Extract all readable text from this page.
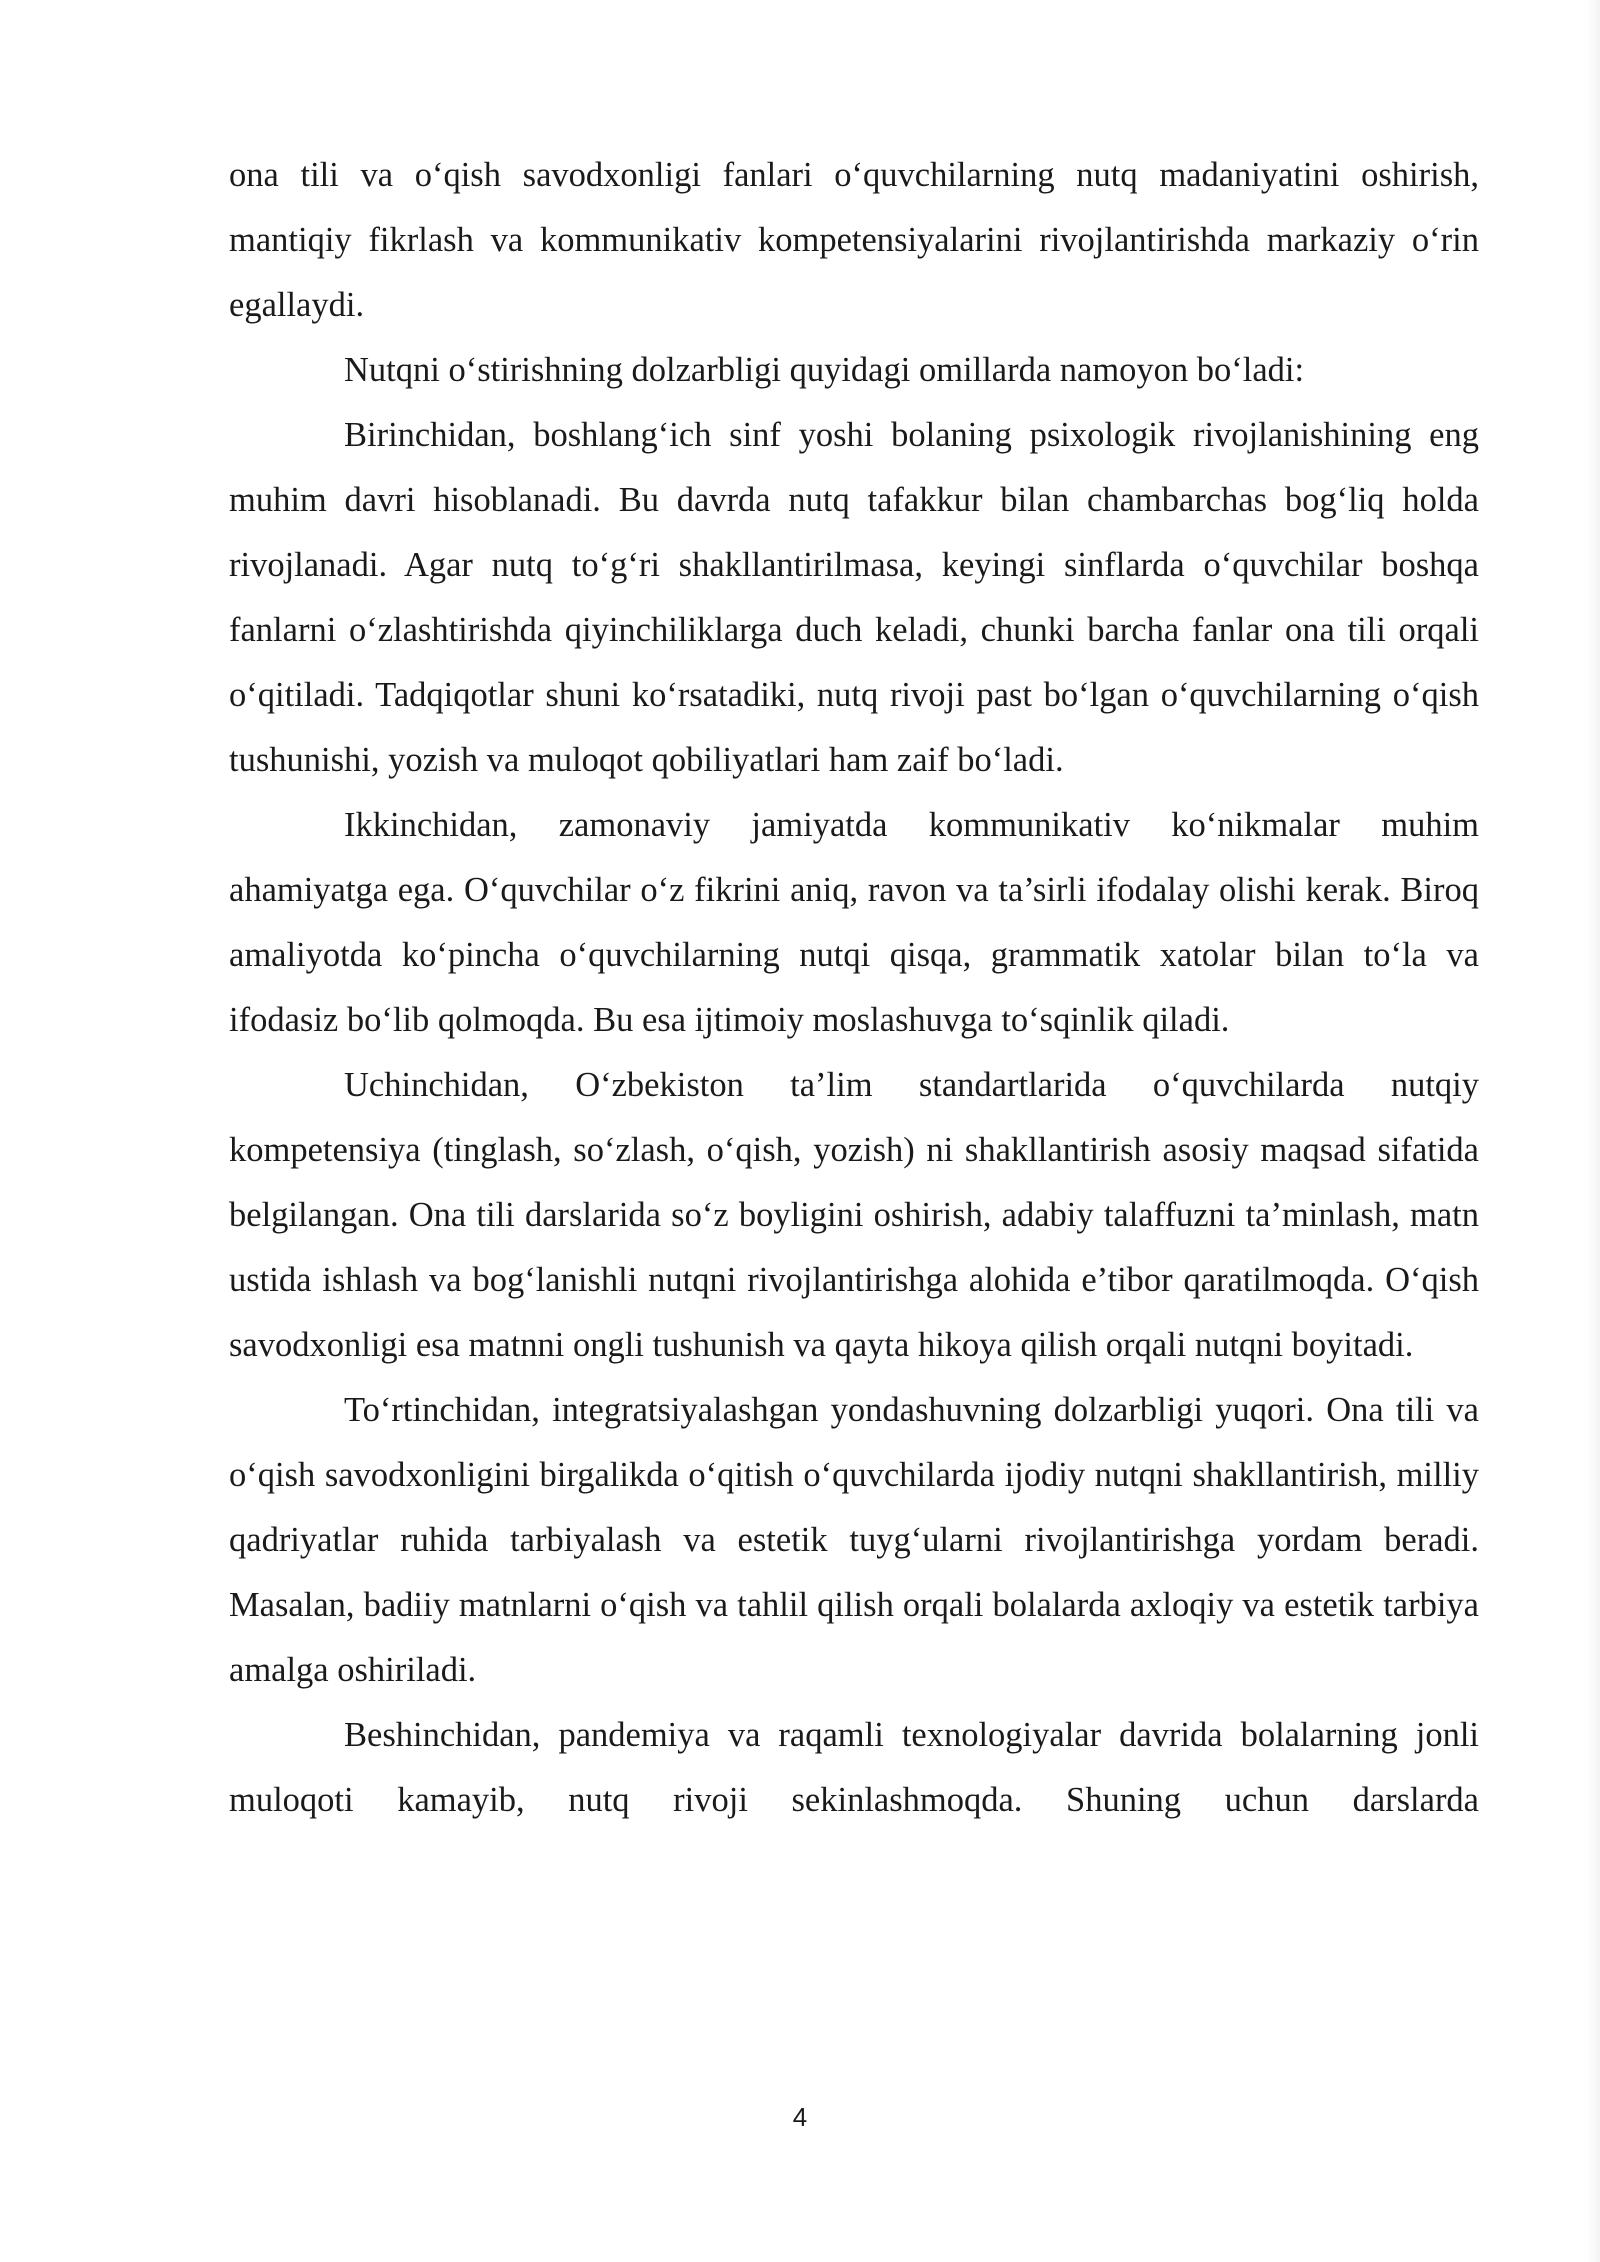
ona tili va o‘qish savodxonligi fanlari o‘quvchilarning nutq madaniyatini oshirish, mantiqiy fikrlash va kommunikativ kompetensiyalarini rivojlantirishda markaziy o‘rin egallaydi.

Nutqni o‘stirishning dolzarbligi quyidagi omillarda namoyon bo‘ladi:

Birinchidan, boshlang‘ich sinf yoshi bolaning psixologik rivojlanishining eng muhim davri hisoblanadi. Bu davrda nutq tafakkur bilan chambarchas bog‘liq holda rivojlanadi. Agar nutq to‘g‘ri shakllantirilmasa, keyingi sinflarda o‘quvchilar boshqa fanlarni o‘zlashtirishda qiyinchiliklarga duch keladi, chunki barcha fanlar ona tili orqali o‘qitiladi. Tadqiqotlar shuni ko‘rsatadiki, nutq rivoji past bo‘lgan o‘quvchilarning o‘qish tushunishi, yozish va muloqot qobiliyatlari ham zaif bo‘ladi.

Ikkinchidan, zamonaviy jamiyatda kommunikativ ko‘nikmalar muhim ahamiyatga ega. O‘quvchilar o‘z fikrini aniq, ravon va ta’sirli ifodalay olishi kerak. Biroq amaliyotda ko‘pincha o‘quvchilarning nutqi qisqa, grammatik xatolar bilan to‘la va ifodasiz bo‘lib qolmoqda. Bu esa ijtimoiy moslashuvga to‘sqinlik qiladi.

Uchinchidan, O‘zbekiston ta’lim standartlarida o‘quvchilarda nutqiy kompetensiya (tinglash, so‘zlash, o‘qish, yozish) ni shakllantirish asosiy maqsad sifatida belgilangan. Ona tili darslarida so‘z boyligini oshirish, adabiy talaffuzni ta’minlash, matn ustida ishlash va bog‘lanishli nutqni rivojlantirishga alohida e’tibor qaratilmoqda. O‘qish savodxonligi esa matnni ongli tushunish va qayta hikoya qilish orqali nutqni boyitadi.

To‘rtinchidan, integratsiyalashgan yondashuvning dolzarbligi yuqori. Ona tili va o‘qish savodxonligini birgalikda o‘qitish o‘quvchilarda ijodiy nutqni shakllantirish, milliy qadriyatlar ruhida tarbiyalash va estetik tuyg‘ularni rivojlantirishga yordam beradi. Masalan, badiiy matnlarni o‘qish va tahlil qilish orqali bolalarda axloqiy va estetik tarbiya amalga oshiriladi.

Beshinchidan, pandemiya va raqamli texnologiyalar davrida bolalarning jonli muloqoti kamayib, nutq rivoji sekinlashmoqda. Shuning uchun darslarda

4
